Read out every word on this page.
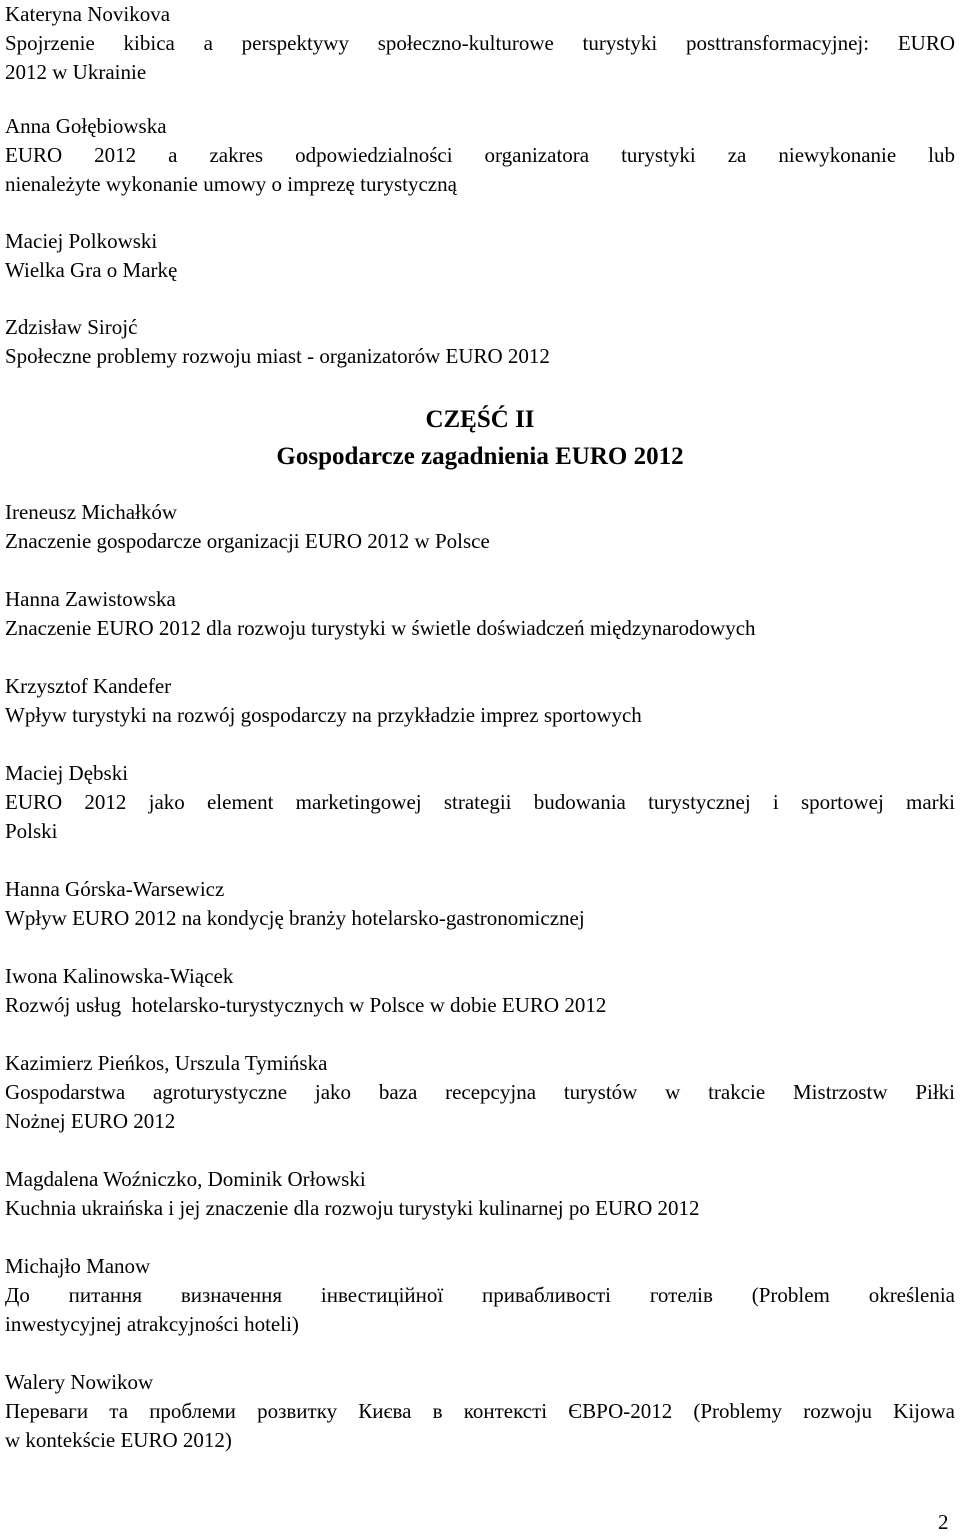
Kateryna Novikova
Spojrzenie kibica a perspektywy społeczno-kulturowe turystyki posttransformacyjnej: EURO
2012 w Ukrainie
Anna Gołębiowska
EURO 2012 a zakres odpowiedzialności organizatora turystyki za niewykonanie lub
nienależyte wykonanie umowy o imprezę turystyczną
Maciej Polkowski
Wielka Gra o Markę
Zdzisław Sirojć
Społeczne problemy rozwoju miast - organizatorów EURO 2012
Ireneusz Michałków
Znaczenie gospodarcze organizacji EURO 2012 w Polsce
Hanna Zawistowska
Znaczenie EURO 2012 dla rozwoju turystyki w świetle doświadczeń międzynarodowych
Krzysztof Kandefer
Wpływ turystyki na rozwój gospodarczy na przykładzie imprez sportowych
Maciej Dębski
EURO 2012 jako element marketingowej strategii budowania turystycznej i sportowej marki
Polski
Hanna Górska-Warsewicz
Wpływ EURO 2012 na kondycję branży hotelarsko-gastronomicznej
Iwona Kalinowska-Wiącek
Rozwój usług  hotelarsko-turystycznych w Polsce w dobie EURO 2012
Kazimierz Pieńkos, Urszula Tymińska
Gospodarstwa agroturystyczne jako baza recepcyjna turystów w trakcie Mistrzostw Piłki
Nożnej EURO 2012
Magdalena Woźniczko, Dominik Orłowski
Kuchnia ukraińska i jej znaczenie dla rozwoju turystyki kulinarnej po EURO 2012
Michajło Manow
До питання визначення інвестиційної привабливості готелів (Problem określenia
inwestycyjnej atrakcyjności hoteli)
Walery Nowikow
Переваги та проблеми розвитку Києва в контексті ЄВРО-2012 (Problemy rozwoju Kijowa
w kontekście EURO 2012)
CZĘŚĆ II
Gospodarcze zagadnienia EURO 2012
2
